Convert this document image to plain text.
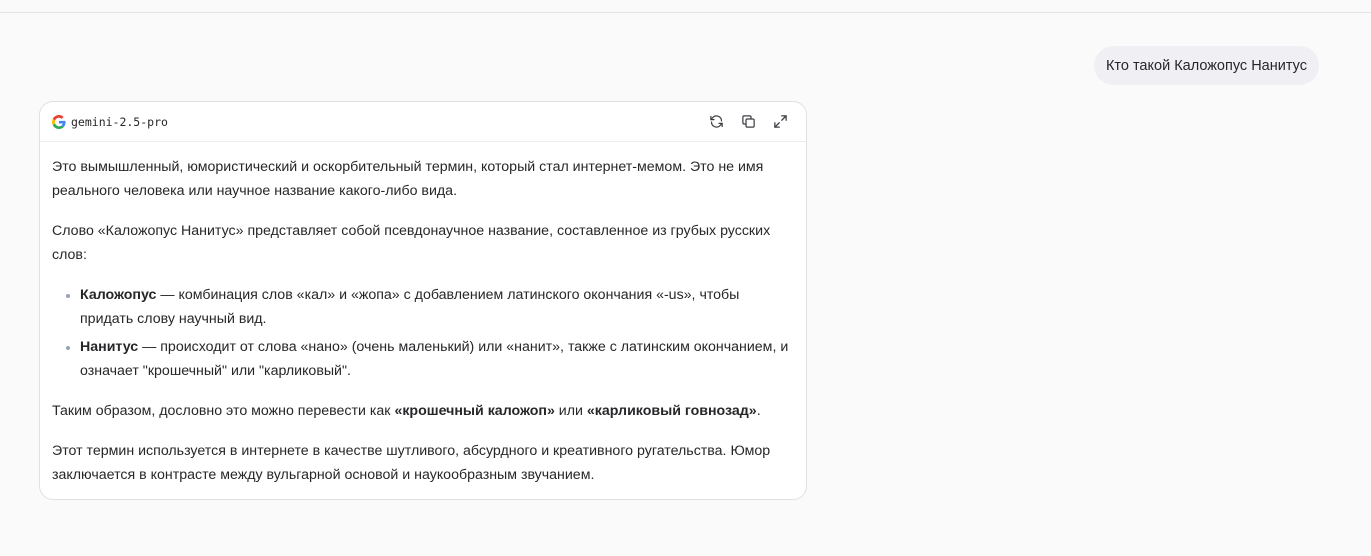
Кто такой Каложопус Нанитус
gemini-2.5-pro

Это вымышленный, юмористический и оскорбительный термин, который стал интернет-мемом. Это не имя реального человека или научное название какого-либо вида.

Слово «Каложопус Нанитус» представляет собой псевдонаучное название, составленное из грубых русских слов:

• Каложопус — комбинация слов «кал» и «жопа» с добавлением латинского окончания «-us», чтобы придать слову научный вид.
• Нанитус — происходит от слова «нано» (очень маленький) или «нанит», также с латинским окончанием, и означает "крошечный" или "карликовый".

Таким образом, дословно это можно перевести как «крошечный каложоп» или «карликовый говнозад».

Этот термин используется в интернете в качестве шутливого, абсурдного и креативного ругательства. Юмор заключается в контрасте между вульгарной основой и наукообразным звучанием.
